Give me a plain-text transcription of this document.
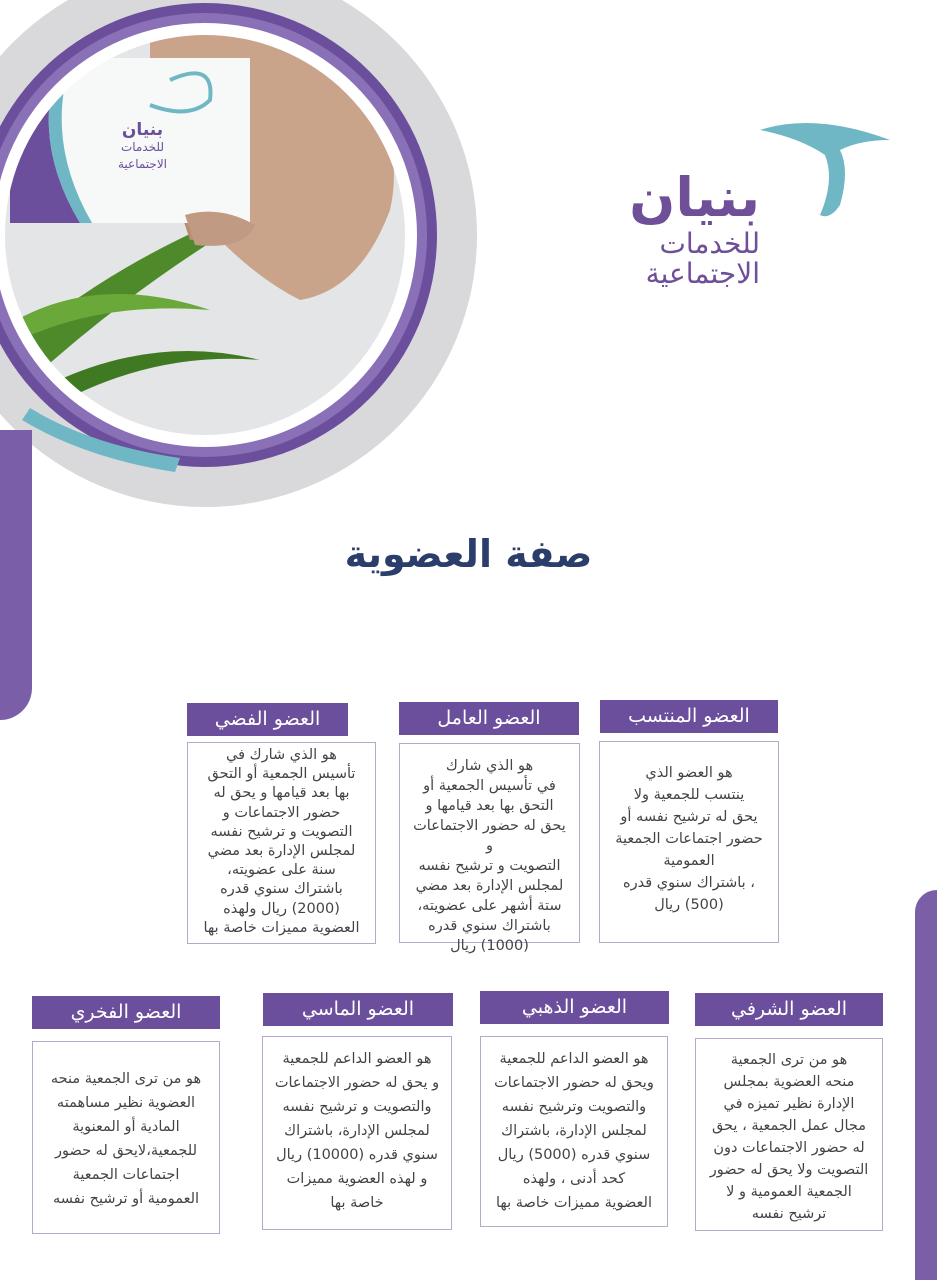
بنيان
للخدمات
الاجتماعية
بنيان
للخدمات
الاجتماعية
صفة العضوية
العضو المنتسب

هو العضو الذي

ينتسب للجمعية ولا

يحق له ترشيح نفسه أو

حضور اجتماعات الجمعية

العمومية

، باشتراك سنوي قدره

(500) ريال

العضو العامل

هو الذي شارك

في تأسيس الجمعية أو

التحق بها بعد قيامها و

يحق له حضور الاجتماعات و

التصويت و ترشيح نفسه

لمجلس الإدارة بعد مضي

ستة أشهر على عضويته،

باشتراك سنوي قدره

(1000) ريال

العضو الفضي

هو الذي شارك في

تأسيس الجمعية أو التحق

بها بعد قيامها و يحق له

حضور الاجتماعات و

التصويت و ترشيح نفسه

لمجلس الإدارة بعد مضي

سنة على عضويته،

باشتراك سنوي قدره

(2000) ريال ولهذه

العضوية مميزات خاصة بها

العضو الشرفي

هو من ترى الجمعية

منحه العضوية بمجلس

الإدارة نظير تميزه في

مجال عمل الجمعية ، يحق

له حضور الاجتماعات دون

التصويت ولا يحق له حضور

الجمعية العمومية و لا

ترشيح نفسه

العضو الذهبي

هو العضو الداعم للجمعية

ويحق له حضور الاجتماعات

والتصويت وترشيح نفسه

لمجلس الإدارة، باشتراك

سنوي قدره (5000) ريال

كحد أدنى ، ولهذه

العضوية مميزات خاصة بها

العضو الماسي

هو العضو الداعم للجمعية

و يحق له حضور الاجتماعات

والتصويت و ترشيح نفسه

لمجلس الإدارة، باشتراك

سنوي قدره (10000) ريال

و لهذه العضوية مميزات

خاصة بها

العضو الفخري

هو من ترى الجمعية منحه

العضوية نظير مساهمته

المادية أو المعنوية

للجمعية،لايحق له حضور

اجتماعات الجمعية

العمومية أو ترشيح نفسه
